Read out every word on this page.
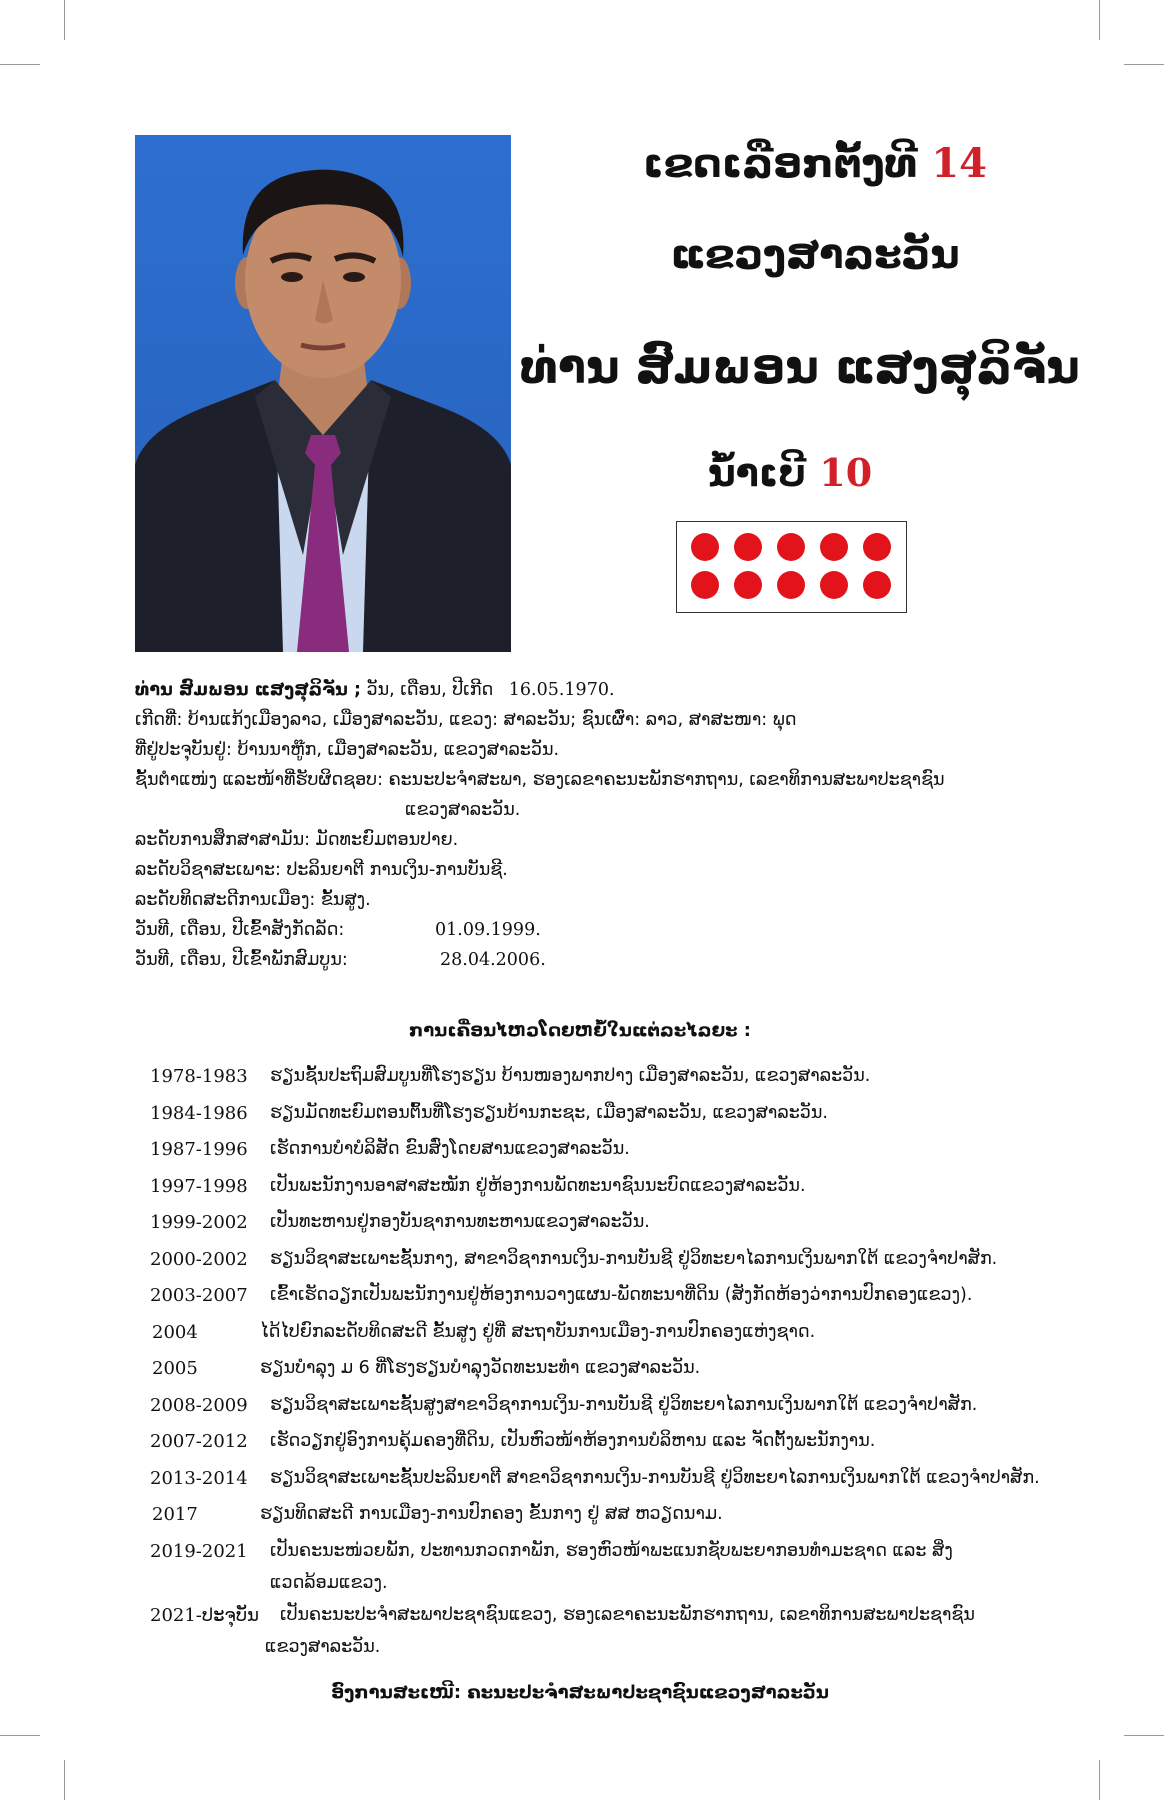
ເຂດເລືອກຕັ້ງທີ 14
ແຂວງສາລະວັນ
ທ່ານ ສົມພອນ ແສງສຸລິຈັນ
ນໍ້າເບີ 10
ທ່ານ ສົມພອນ ແສງສຸລິຈັນ ; ວັນ, ເດືອນ, ປີເກີດ 16.05.1970.
ເກີດທີ່: ບ້ານແກ້ງເມືອງລາວ, ເມືອງສາລະວັນ, ແຂວງ: ສາລະວັນ; ຊົນເຜົ່າ: ລາວ, ສາສະໜາ: ພຸດ
ທີ່ຢູ່ປະຈຸບັນຢູ່: ບ້ານນາຫູ໊ກ, ເມືອງສາລະວັນ, ແຂວງສາລະວັນ.
ຊັ້ນຕໍາແໜ່ງ ແລະໜ້າທີ່ຮັບຜິດຊອບ: ຄະນະປະຈໍາສະພາ, ຮອງເລຂາຄະນະພັກຮາກຖານ, ເລຂາທິການສະພາປະຊາຊົນ
ແຂວງສາລະວັນ.
ລະດັບການສຶກສາສາມັນ: ມັດທະຍົມຕອນປາຍ.
ລະດັບວິຊາສະເພາະ: ປະລິນຍາຕີ ການເງິນ-ການບັນຊີ.
ລະດັບທິດສະດີການເມືອງ: ຂັ້ນສູງ.
ວັນທີ, ເດືອນ, ປີເຂົ້າສັງກັດລັດ:	01.09.1999.
ວັນທີ, ເດືອນ, ປີເຂົ້າພັກສົມບູນ:	28.04.2006.
ການເຄື່ອນໄຫວໂດຍຫຍໍ້ໃນແຕ່ລະໄລຍະ :
1978-1983 ຮຽນຊັ້ນປະຖົມສົມບູນທີ່ໂຮງຮຽນ ບ້ານໜອງພາກປາງ ເມືອງສາລະວັນ, ແຂວງສາລະວັນ.
1984-1986 ຮຽນມັດທະຍົມຕອນຕົ້ນທີ່ໂຮງຮຽນບ້ານກະຊະ, ເມືອງສາລະວັນ, ແຂວງສາລະວັນ.
1987-1996 ເຮັດການບໍາບໍລິສັດ ຂົນສົ່ງໂດຍສານແຂວງສາລະວັນ.
1997-1998 ເປັນພະນັກງານອາສາສະໝັກ ຢູ່ຫ້ອງການພັດທະນາຊົນນະບົດແຂວງສາລະວັນ.
1999-2002 ເປັນທະຫານຢູ່ກອງບັນຊາການທະຫານແຂວງສາລະວັນ.
2000-2002 ຮຽນວິຊາສະເພາະຊັ້ນກາງ, ສາຂາວິຊາການເງິນ-ການບັນຊີ ຢູ່ວິທະຍາໄລການເງິນພາກໃຕ້ ແຂວງຈໍາປາສັກ.
2003-2007 ເຂົ້າເຮັດວຽກເປັນພະນັກງານຢູ່ຫ້ອງການວາງແຜນ-ພັດທະນາທີ່ດິນ (ສັງກັດຫ້ອງວ່າການປົກຄອງແຂວງ).
2004	ໄດ້ໄປຍົກລະດັບທິດສະດີ ຂັ້ນສູງ ຢູ່ທີ່ ສະຖາບັນການເມືອງ-ການປົກຄອງແຫ່ງຊາດ.
2005	ຮຽນບໍາລຸງ ມ 6 ທີ່ໂຮງຮຽນບໍາລຸງວັດທະນະທໍາ ແຂວງສາລະວັນ.
2008-2009 ຮຽນວິຊາສະເພາະຊັ້ນສູງສາຂາວິຊາການເງິນ-ການບັນຊີ ຢູ່ວິທະຍາໄລການເງິນພາກໃຕ້ ແຂວງຈໍາປາສັກ.
2007-2012 ເຮັດວຽກຢູ່ອົງການຄຸ້ມຄອງທີ່ດິນ, ເປັນຫົວໜ້າຫ້ອງການບໍລິຫານ ແລະ ຈັດຕັ້ງພະນັກງານ.
2013-2014 ຮຽນວິຊາສະເພາະຊັ້ນປະລິນຍາຕີ ສາຂາວິຊາການເງິນ-ການບັນຊີ ຢູ່ວິທະຍາໄລການເງິນພາກໃຕ້ ແຂວງຈໍາປາສັກ.
2017	ຮຽນທິດສະດີ ການເມືອງ-ການປົກຄອງ ຂັ້ນກາງ ຢູ່ ສສ ຫວຽດນາມ.
2019-2021 ເປັນຄະນະໜ່ວຍພັກ, ປະທານກວດກາພັກ, ຮອງຫົວໜ້າພະແນກຊັບພະຍາກອນທໍາມະຊາດ ແລະ ສິ່ງ
ແວດລ້ອມແຂວງ.
2021-ປະຈຸບັນ ເປັນຄະນະປະຈໍາສະພາປະຊາຊົນແຂວງ, ຮອງເລຂາຄະນະພັກຮາກຖານ, ເລຂາທິການສະພາປະຊາຊົນ
ແຂວງສາລະວັນ.
ອົງການສະເໜີ: ຄະນະປະຈໍາສະພາປະຊາຊົນແຂວງສາລະວັນ
